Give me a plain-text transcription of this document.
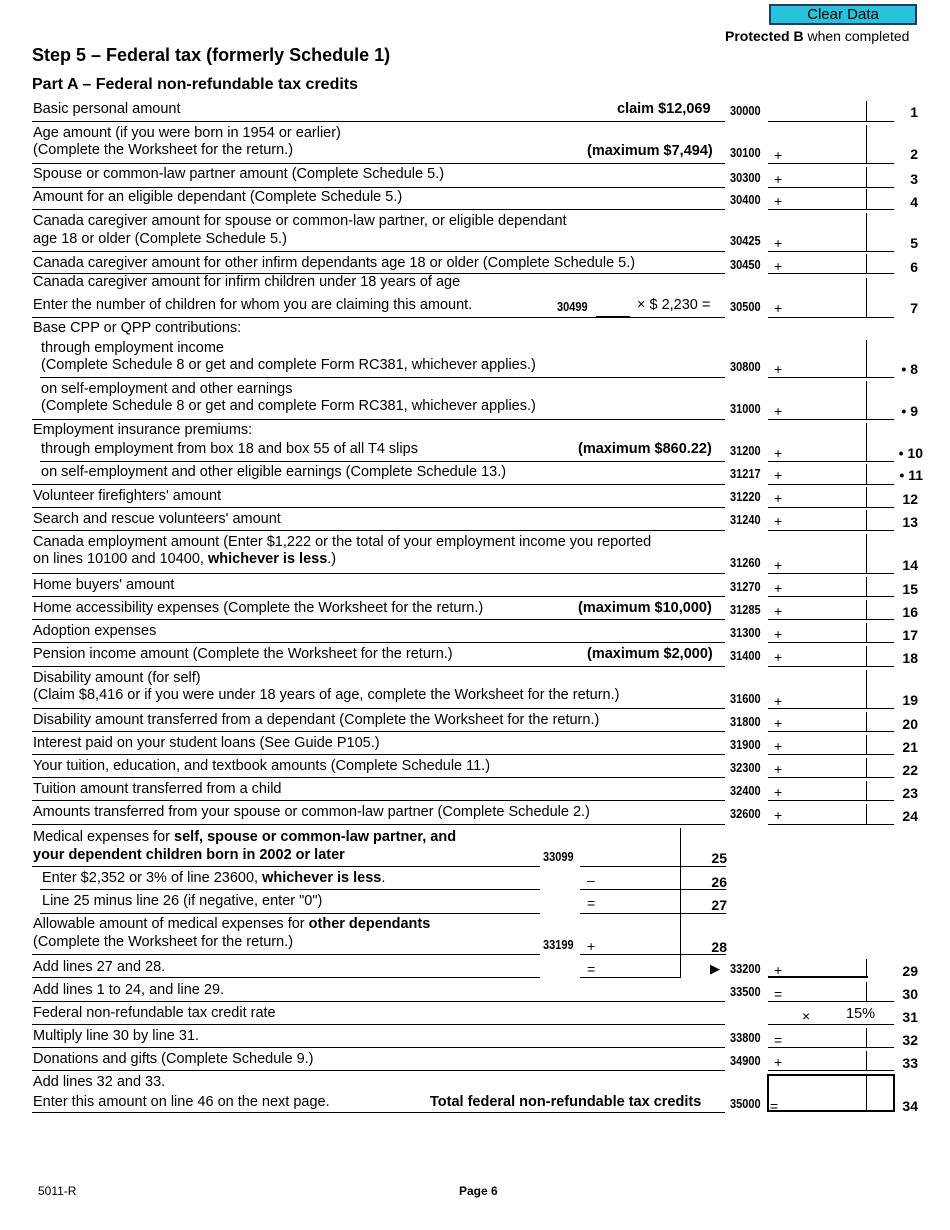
Clear Data
Protected B when completed
Step 5 – Federal tax (formerly Schedule 1)
Part A – Federal non-refundable tax credits
Basic personal amount	claim $12,069 30000	1
Age amount (if you were born in 1954 or earlier)
(Complete the Worksheet for the return.)	(maximum $7,494) 30100 +	2
Spouse or common-law partner amount (Complete Schedule 5.)	30300 +	3
Amount for an eligible dependant (Complete Schedule 5.)	30400 +	4
Canada caregiver amount for spouse or common-law partner, or eligible dependant
age 18 or older (Complete Schedule 5.)	30425 +	5
Canada caregiver amount for other infirm dependants age 18 or older (Complete Schedule 5.)	30450 +	6
Canada caregiver amount for infirm children under 18 years of age
Enter the number of children for whom you are claiming this amount.	30499	× $ 2,230 = 30500 +	7
Base CPP or QPP contributions:
through employment income
(Complete Schedule 8 or get and complete Form RC381, whichever applies.)	30800 +	• 8
on self-employment and other earnings
(Complete Schedule 8 or get and complete Form RC381, whichever applies.)	31000 +	• 9
Employment insurance premiums:
through employment from box 18 and box 55 of all T4 slips	(maximum $860.22) 31200 +	• 10
on self-employment and other eligible earnings (Complete Schedule 13.)	31217 +	• 11
Volunteer firefighters' amount	31220 +	12
Search and rescue volunteers' amount	31240 +	13
Canada employment amount (Enter $1,222 or the total of your employment income you reported
on lines 10100 and 10400, whichever is less.)	31260 +	14
Home buyers' amount	31270 +	15
Home accessibility expenses (Complete the Worksheet for the return.)	(maximum $10,000) 31285 +	16
Adoption expenses	31300 +	17
Pension income amount (Complete the Worksheet for the return.)	(maximum $2,000) 31400 +	18
Disability amount (for self)
(Claim $8,416 or if you were under 18 years of age, complete the Worksheet for the return.)	31600 +	19
Disability amount transferred from a dependant (Complete the Worksheet for the return.)	31800 +	20
Interest paid on your student loans (See Guide P105.)	31900 +	21
Your tuition, education, and textbook amounts (Complete Schedule 11.)	32300 +	22
Tuition amount transferred from a child	32400 +	23
Amounts transferred from your spouse or common-law partner (Complete Schedule 2.)	32600 +	24
Medical expenses for self, spouse or common-law partner, and
your dependent children born in 2002 or later	33099	25
Enter $2,352 or 3% of line 23600, whichever is less.	–	26
Line 25 minus line 26 (if negative, enter "0")	=	27
Allowable amount of medical expenses for other dependants
(Complete the Worksheet for the return.)	33199 +	28
Add lines 27 and 28.	=	▶ 33200 +	29
Add lines 1 to 24, and line 29.	33500 =	30
Federal non-refundable tax credit rate	× 15%	31
Multiply line 30 by line 31.	33800 =	32
Donations and gifts (Complete Schedule 9.)	34900 +	33
Add lines 32 and 33.
Enter this amount on line 46 on the next page.	Total federal non-refundable tax credits 35000 =	34
5011-R	Page 6
